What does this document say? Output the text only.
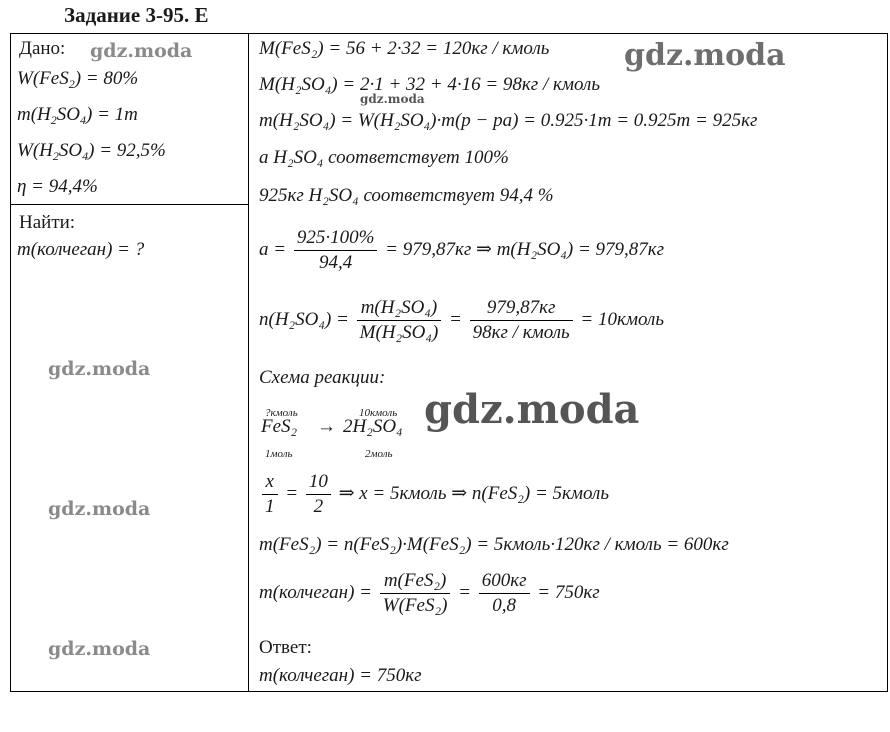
Задание 3-95. Е
Дано:
W(FeS$_2$) = 80%
$m(H_2SO_4) = 1т$
$W(H_2SO_4) = 92,5\%$
η = 94,4%
Найти:
m(колчеган) = ?
M(FeS₂) = 56 + 2·32 = 120кг / кмоль
M(H₂SO₄) = 2·1 + 32 + 4·16 = 98кг / кмоль
m(H₂SO₄) = W(H₂SO₄)·m(р − ра) = 0.925·1т = 0.925т = 925кг
а H₂SO₄ соответствует 100%
925кг H₂SO₄ соответствует 94,4 %
$а = \frac{925\cdot 100\%}{94,4} = 979,87кг$ ⇒ m(H₂SO₄) = 979,87кг
$n(H_2SO_4) = \frac{\text{m(H₂SO₄)}}{\text{M(H₂SO₄)}} = \frac{979,87кг}{\text{98кг / кмоль}}$ = 10кмоль
Схема реакции:
?кмоль	10кмоль
FeS₂ → 2H₂SO₄
1моль	2моль
$\frac{x}{1} = \frac{10}{2}$ ⇒ x = 5кмоль ⇒ n(FeS₂) = 5кмоль
m(FeS₂) = n(FeS₂)·M(FeS₂) = 5кмоль·120кг / кмоль = 600кг
m(колчеган) = $\frac{\text{m(FeS₂)}}{\text{W(FeS₂)}} = \frac{600кг}{0,8} = 750кг$
Ответ:
m(колчеган) = 750кг
gdz.moda	gdz.moda
gdz.moda
gdz.moda
gdz.moda
gdz.moda
gdz.moda
